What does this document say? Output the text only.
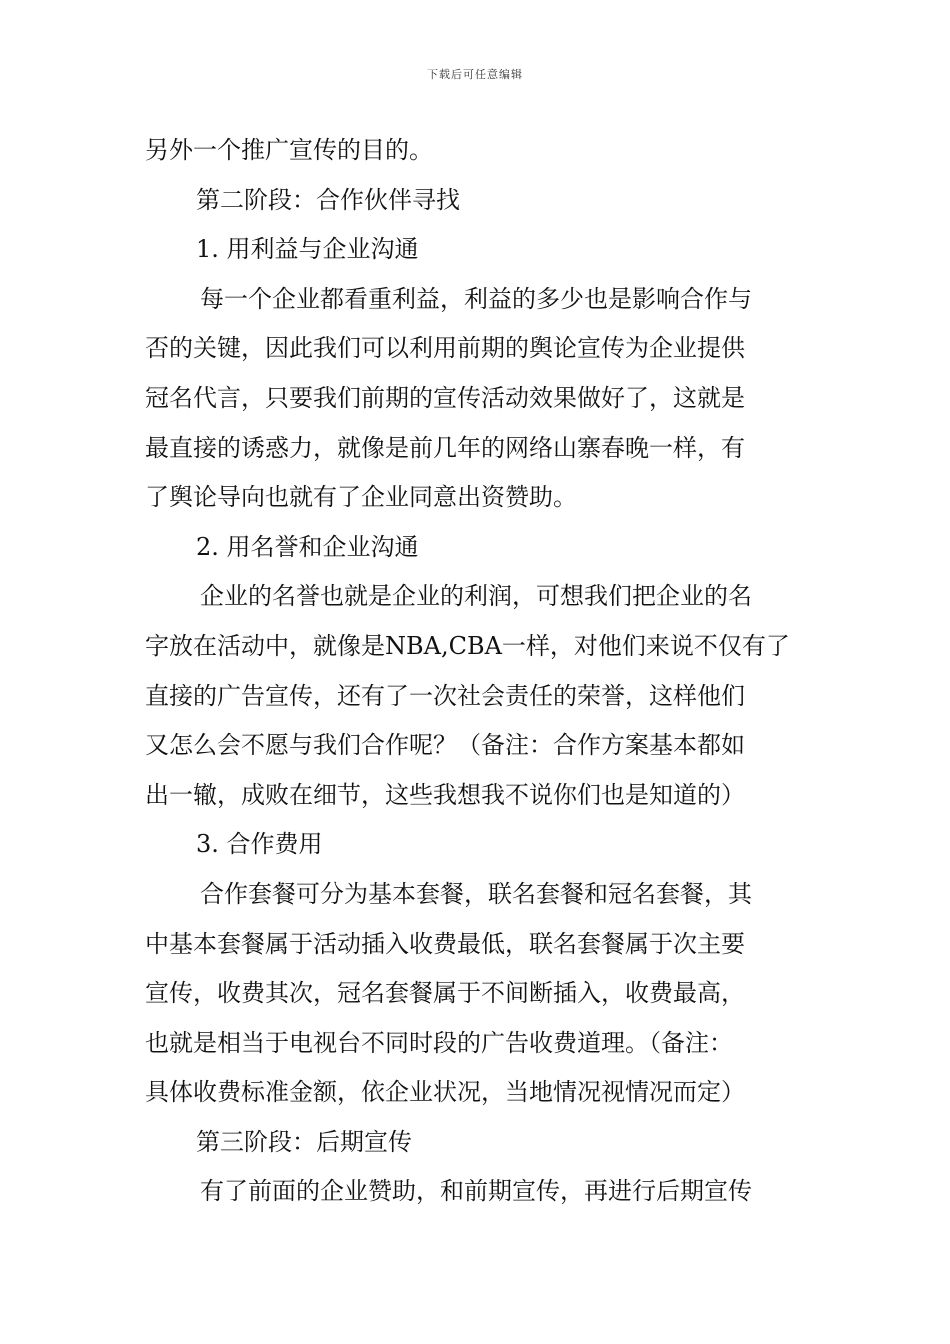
下载后可任意编辑
另外一个推广宣传的目的。
第二阶段：合作伙伴寻找
1. 用利益与企业沟通
每一个企业都看重利益，利益的多少也是影响合作与
否的关键，因此我们可以利用前期的舆论宣传为企业提供
冠名代言，只要我们前期的宣传活动效果做好了，这就是
最直接的诱惑力，就像是前几年的网络山寨春晚一样，有
了舆论导向也就有了企业同意出资赞助。
2. 用名誉和企业沟通
企业的名誉也就是企业的利润，可想我们把企业的名
字放在活动中，就像是NBA,CBA一样，对他们来说不仅有了
直接的广告宣传，还有了一次社会责任的荣誉，这样他们
又怎么会不愿与我们合作呢？（备注：合作方案基本都如
出一辙，成败在细节，这些我想我不说你们也是知道的）
3. 合作费用
合作套餐可分为基本套餐，联名套餐和冠名套餐，其
中基本套餐属于活动插入收费最低，联名套餐属于次主要
宣传，收费其次，冠名套餐属于不间断插入，收费最高，
也就是相当于电视台不同时段的广告收费道理。（备注：
具体收费标准金额，依企业状况，当地情况视情况而定）
第三阶段：后期宣传
有了前面的企业赞助，和前期宣传，再进行后期宣传
